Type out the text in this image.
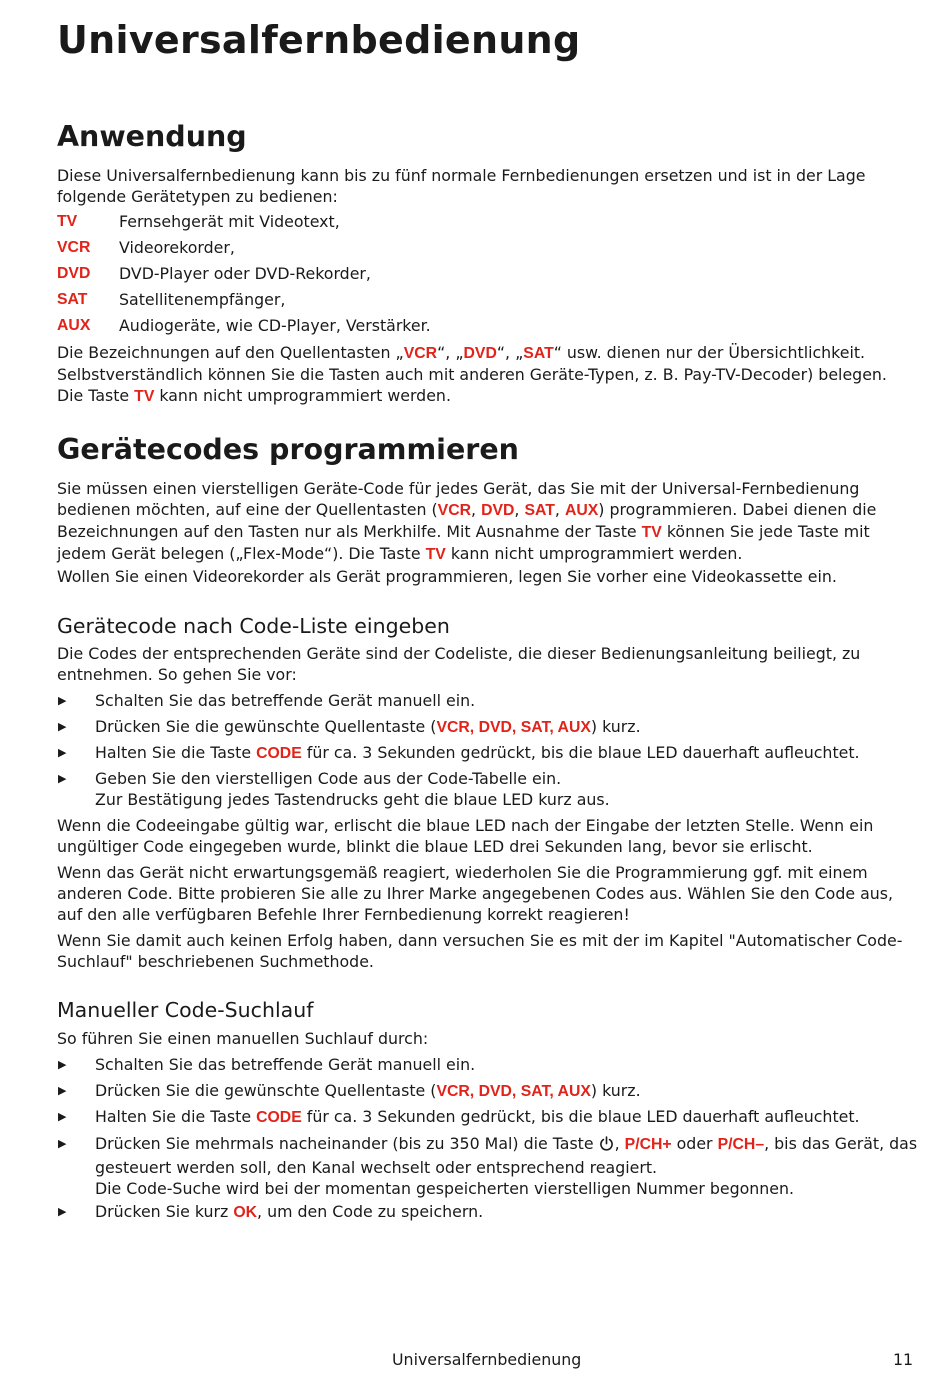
Universalfernbedienung
Anwendung

Diese Universalfernbedienung kann bis zu fünf normale Fernbedienungen ersetzen und ist in der Lage folgende Gerätetypen zu bedienen:

TV	Fernsehgerät mit Videotext,
VCR	Videorekorder,
DVD	DVD-Player oder DVD-Rekorder,
SAT	Satellitenempfänger,
AUX	Audiogeräte, wie CD-Player, Verstärker.

Die Bezeichnungen auf den Quellentasten „VCR“, „DVD“, „SAT“ usw. dienen nur der Übersichtlichkeit. Selbstverständlich können Sie die Tasten auch mit anderen Geräte-Typen, z. B. Pay-TV-Decoder) belegen.

Die Taste TV kann nicht umprogrammiert werden.

Gerätecodes programmieren

Sie müssen einen vierstelligen Geräte-Code für jedes Gerät, das Sie mit der Universal-Fernbedienung bedienen möchten, auf eine der Quellentasten (VCR, DVD, SAT, AUX) programmieren. Dabei dienen die Bezeichnungen auf den Tasten nur als Merkhilfe. Mit Ausnahme der Taste TV können Sie jede Taste mit jedem Gerät belegen („Flex-Mode“). Die Taste TV kann nicht umprogrammiert werden.

Wollen Sie einen Videorekorder als Gerät programmieren, legen Sie vorher eine Videokassette ein.

Gerätecode nach Code-Liste eingeben

Die Codes der entsprechenden Geräte sind der Codeliste, die dieser Bedienungsanleitung beiliegt, zu entnehmen. So gehen Sie vor:

▶	Schalten Sie das betreffende Gerät manuell ein.

▶	Drücken Sie die gewünschte Quellentaste (VCR, DVD, SAT, AUX) kurz.

▶	Halten Sie die Taste CODE für ca. 3 Sekunden gedrückt, bis die blaue LED dauerhaft aufleuchtet.

▶	Geben Sie den vierstelligen Code aus der Code-Tabelle ein.

Zur Bestätigung jedes Tastendrucks geht die blaue LED kurz aus.

Wenn die Codeeingabe gültig war, erlischt die blaue LED nach der Eingabe der letzten Stelle. Wenn ein ungültiger Code eingegeben wurde, blinkt die blaue LED drei Sekunden lang, bevor sie erlischt.

Wenn das Gerät nicht erwartungsgemäß reagiert, wiederholen Sie die Programmierung ggf. mit einem anderen Code. Bitte probieren Sie alle zu Ihrer Marke angegebenen Codes aus. Wählen Sie den Code aus, auf den alle verfügbaren Befehle Ihrer Fernbedienung korrekt reagieren!

Wenn Sie damit auch keinen Erfolg haben, dann versuchen Sie es mit der im Kapitel "Automatischer Code-Suchlauf" beschriebenen Suchmethode.

Manueller Code-Suchlauf

So führen Sie einen manuellen Suchlauf durch:

▶	Schalten Sie das betreffende Gerät manuell ein.

▶	Drücken Sie die gewünschte Quellentaste (VCR, DVD, SAT, AUX) kurz.

▶	Halten Sie die Taste CODE für ca. 3 Sekunden gedrückt, bis die blaue LED dauerhaft aufleuchtet.

▶	Drücken Sie mehrmals nacheinander (bis zu 350 Mal) die Taste , P/CH+ oder P/CH–, bis das Gerät, das gesteuert werden soll, den Kanal wechselt oder entsprechend reagiert.

Die Code-Suche wird bei der momentan gespeicherten vierstelligen Nummer begonnen.

▶	Drücken Sie kurz OK, um den Code zu speichern.

Universalfernbedienung	11
